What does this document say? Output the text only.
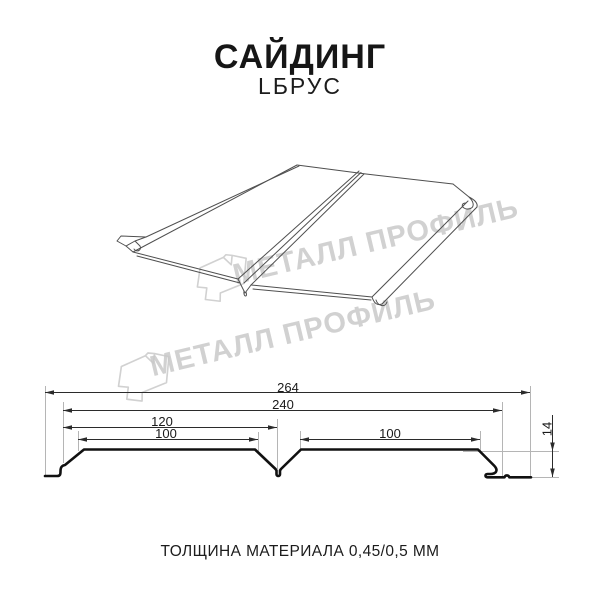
САЙДИНГ
LБРУС
МЕТАЛЛ ПРОФИЛЬ
МЕТАЛЛ ПРОФИЛЬ
264
240
120
100	100	14
ТОЛЩИНА МАТЕРИАЛА 0,45/0,5 ММ
